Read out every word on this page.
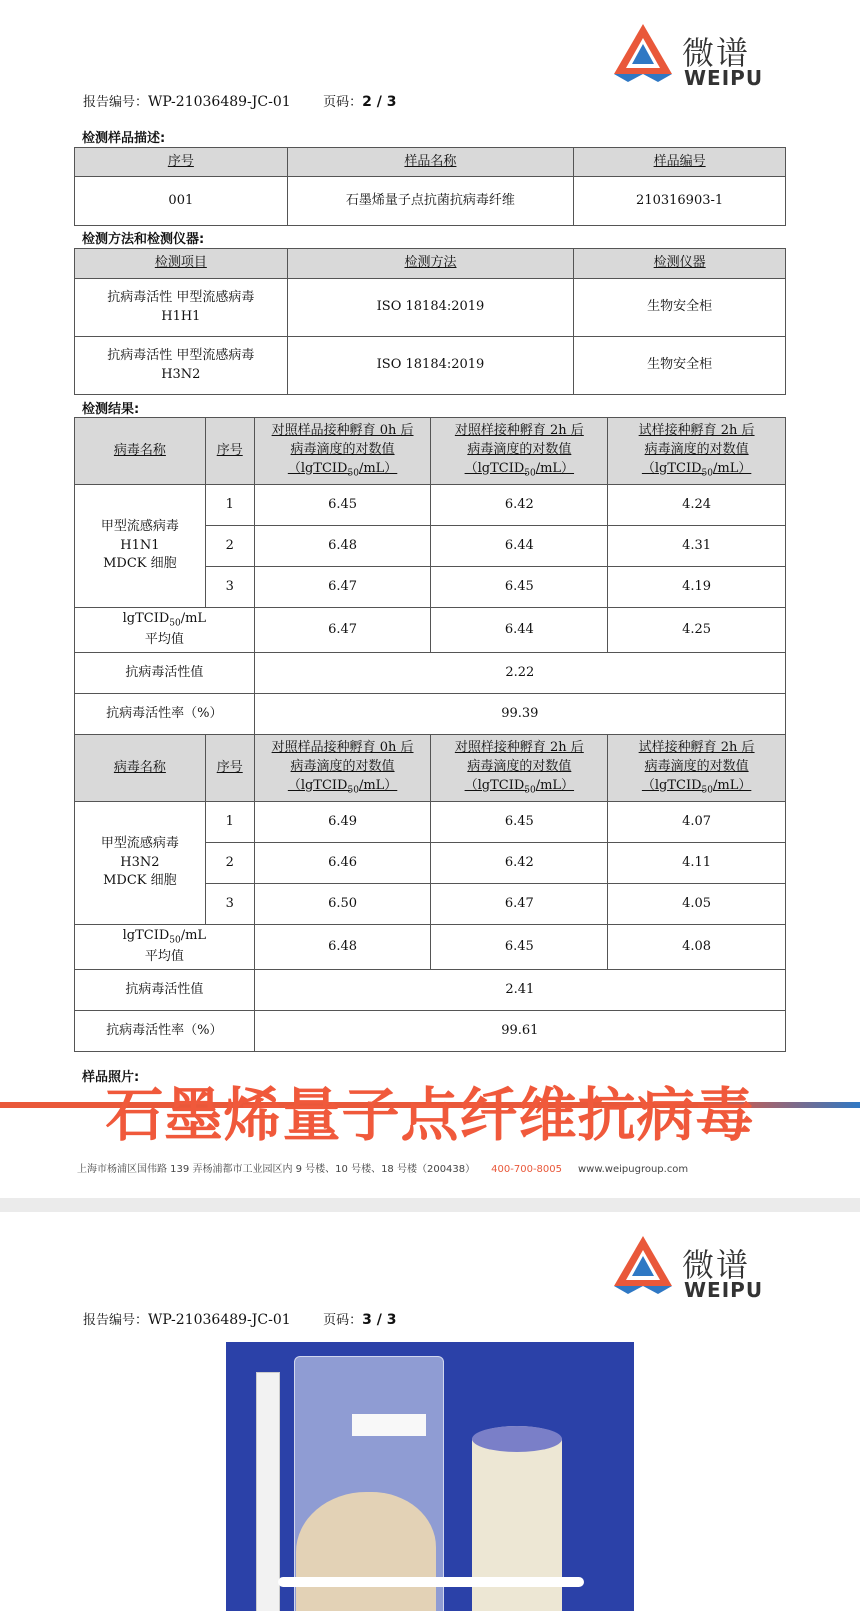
微谱
WEIPU
报告编号：WP-21036489-JC-01 页码：2 / 3
检测样品描述:
序号	样品名称	样品编号
001	石墨烯量子点抗菌抗病毒纤维	210316903-1
检测方法和检测仪器:
检测项目	检测方法	检测仪器
抗病毒活性 甲型流感病毒
H1H1	ISO 18184:2019	生物安全柜
抗病毒活性 甲型流感病毒
H3N2	ISO 18184:2019	生物安全柜
检测结果:
病毒名称	序号	对照样品接种孵育 0h 后
病毒滴度的对数值
（lgTCID$_{50}$/mL）	对照样接种孵育 2h 后
病毒滴度的对数值
（lgTCID$_{50}$/mL）	试样接种孵育 2h 后
病毒滴度的对数值
（lgTCID$_{50}$/mL）
甲型流感病毒
H1N1
MDCK 细胞	1	6.45	6.42	4.24
	2	6.48	6.44	4.31
	3	6.47	6.45	4.19
lgTCID$_{50}$/mL
平均值		6.47	6.44	4.25
抗病毒活性值		2.22		
抗病毒活性率（%）		99.39		
病毒名称	序号	对照样品接种孵育 0h 后
病毒滴度的对数值
（lgTCID$_{50}$/mL）	对照样接种孵育 2h 后
病毒滴度的对数值
（lgTCID$_{50}$/mL）	试样接种孵育 2h 后
病毒滴度的对数值
（lgTCID$_{50}$/mL）
甲型流感病毒
H3N2
MDCK 细胞	1	6.49	6.45	4.07
	2	6.46	6.42	4.11
	3	6.50	6.47	4.05
lgTCID$_{50}$/mL
平均值		6.48	6.45	4.08
抗病毒活性值		2.41		
抗病毒活性率（%）		99.61		
样品照片:
石墨烯量子点纤维抗病毒
上海市杨浦区国伟路 139 弄杨浦都市工业园区内 9 号楼、10 号楼、18 号楼（200438） 400-700-8005 www.weipugroup.com
微谱
WEIPU
报告编号：WP-21036489-JC-01 页码：3 / 3
